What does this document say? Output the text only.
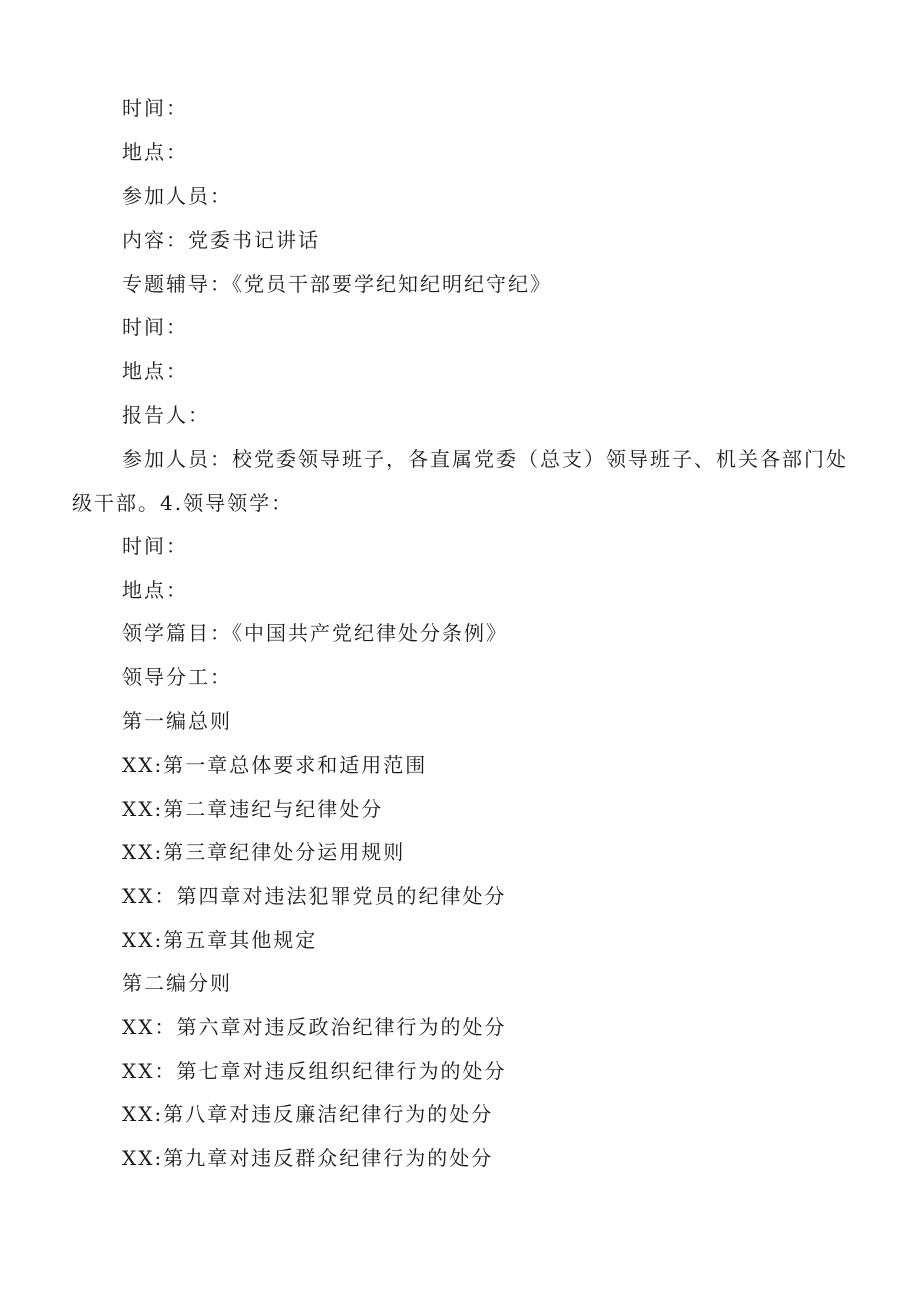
时间：

地点：

参加人员：

内容：党委书记讲话

专题辅导：《党员干部要学纪知纪明纪守纪》

时间：

地点：

报告人：

参加人员：校党委领导班子，各直属党委（总支）领导班子、机关各部门处级干部。4.领导领学：

时间：

地点：

领学篇目：《中国共产党纪律处分条例》

领导分工：

第一编总则

XX:第一章总体要求和适用范围

XX:第二章违纪与纪律处分

XX:第三章纪律处分运用规则

XX：第四章对违法犯罪党员的纪律处分

XX:第五章其他规定

第二编分则

XX：第六章对违反政治纪律行为的处分

XX：第七章对违反组织纪律行为的处分

XX:第八章对违反廉洁纪律行为的处分

XX:第九章对违反群众纪律行为的处分
